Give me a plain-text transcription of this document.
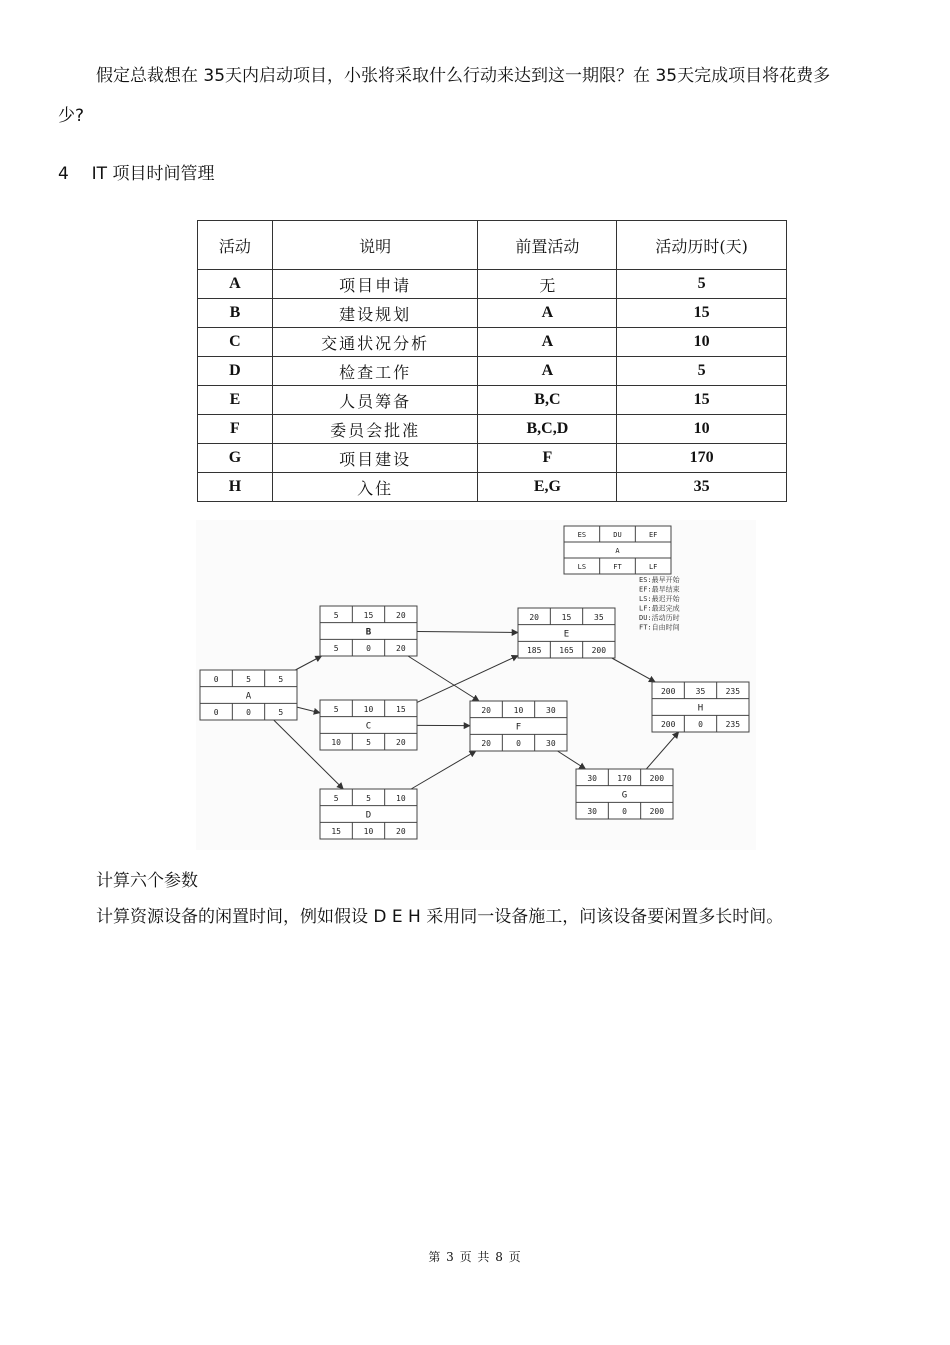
假定总裁想在 35天内启动项目，小张将采取什么行动来达到这一期限？在 35天完成项目将花费多
少?
4 IT 项目时间管理
活动	说明	前置活动	活动历时(天)
A	项目申请	无	5
B	建设规划	A	15
C	交通状况分析	A	10
D	检查工作	A	5
E	人员筹备	B,C	15
F	委员会批准	B,C,D	10
G	项目建设	F	170
H	入住	E,G	35
0	5	5
A
0	0	5
5	15	20
B
5	0	20
5	10	15
C
10	5	20
5	5	10
D
15	10	20
20	15	35
E
185 165 200
20	10	30
F
20	0	30
30	170 200
G
30	0	200
200	35	235
H
200	0	235
ES	DU	EF
A
LS	FT	LF
ES:最早开始
EF:最早结束
LS:最迟开始
LF:最迟完成
DU:活动历时
FT:自由时间
计算六个参数
计算资源设备的闲置时间，例如假设 D E H 采用同一设备施工，问该设备要闲置多长时间。
第 3 页 共 8 页
